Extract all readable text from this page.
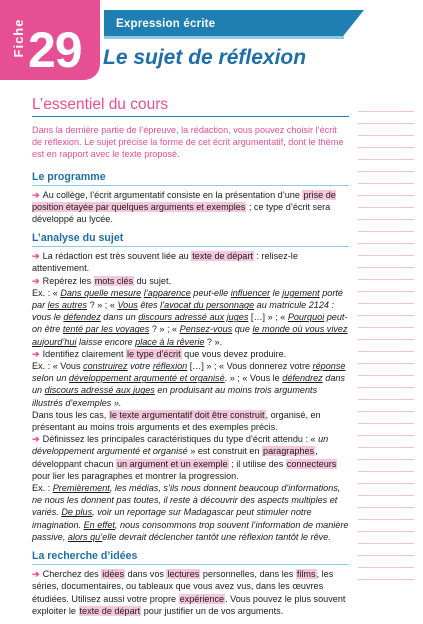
Expression écrite
Fiche 29	Le sujet de réflexion
L’essentiel du cours

Dans la dernière partie de l’épreuve, la rédaction, vous pouvez choisir l’écrit de réflexion. Le sujet précise la forme de cet écrit argumentatif, dont le thème est en rapport avec le texte proposé.

Le programme

➔ Au collège, l’écrit argumentatif consiste en la présentation d’une prise de position étayée par quelques arguments et exemples ; ce type d’écrit sera développé au lycée.

L’analyse du sujet

➔ La rédaction est très souvent liée au texte de départ : relisez-le attentivement.

➔ Repérez les mots clés du sujet.

Ex. : « Dans quelle mesure l’apparence peut-elle influencer le jugement porté par les autres ? » ; « Vous êtes l’avocat du personnage au matricule 2124 : vous le défendez dans un discours adressé aux juges […] » ; « Pourquoi peut-on être tenté par les voyages ? » ; « Pensez-vous que le monde où vous vivez aujourd’hui laisse encore place à la rêverie ? ».

➔ Identifiez clairement le type d’écrit que vous devez produire.

Ex. : « Vous construirez votre réflexion […] » ; « Vous donnerez votre réponse selon un développement argumenté et organisé. » ; « Vous le défendrez dans un discours adressé aux juges en produisant au moins trois arguments illustrés d’exemples ».

Dans tous les cas, le texte argumentatif doit être construit, organisé, en présentant au moins trois arguments et des exemples précis.

➔ Définissez les principales caractéristiques du type d’écrit attendu : « un développement argumenté et organisé » est construit en paragraphes, développant chacun un argument et un exemple ; il utilise des connecteurs pour lier les paragraphes et montrer la progression.

Ex. : Premièrement, les médias, s’ils nous donnent beaucoup d’informations, ne nous les donnent pas toutes, il reste à découvrir des aspects multiples et variés. De plus, voir un reportage sur Madagascar peut stimuler notre imagination. En effet, nous consommons trop souvent l’information de manière passive, alors qu’elle devrait déclencher tantôt une réflexion tantôt le rêve.

La recherche d’idées

➔ Cherchez des idées dans vos lectures personnelles, dans les films, les séries, documentaires, ou tableaux que vous avez vus, dans les œuvres étudiées. Utilisez aussi votre propre expérience. Vous pouvez le plus souvent exploiter le texte de départ pour justifier un de vos arguments.
